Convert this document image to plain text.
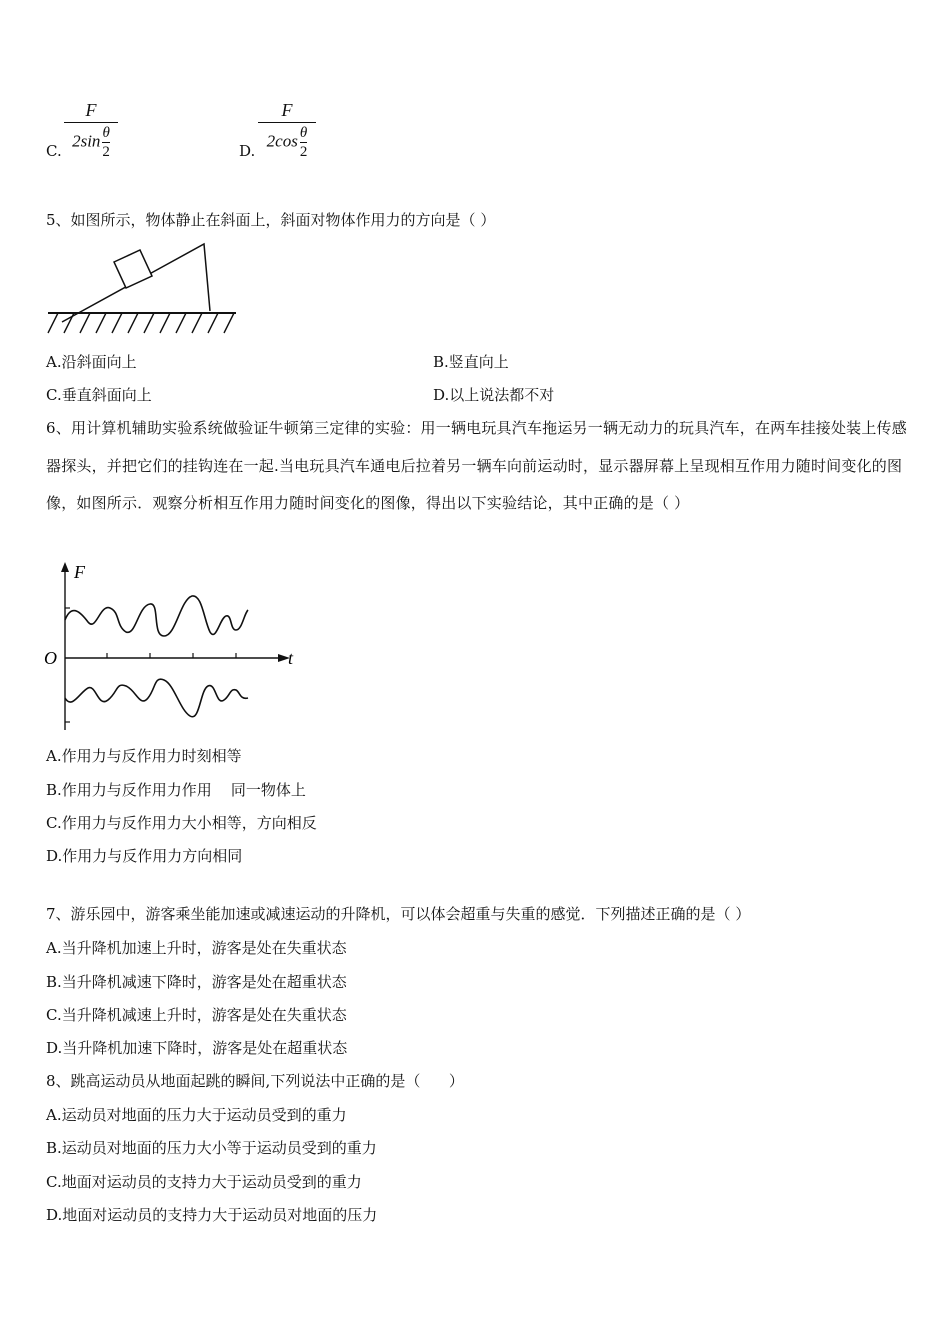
C.
F
$2\sin \frac{\theta}{2}$	D.
F
$2\cos \frac{\theta}{2}$
5、如图所示，物体静止在斜面上，斜面对物体作用力的方向是（ ）
A.沿斜面向上	B.竖直向上
C.垂直斜面向上	D.以上说法都不对
6、用计算机辅助实验系统做验证牛顿第三定律的实验：用一辆电玩具汽车拖运另一辆无动力的玩具汽车，在两车挂接处装上传感器探头，并把它们的挂钩连在一起.当电玩具汽车通电后拉着另一辆车向前运动时，显示器屏幕上呈现相互作用力随时间变化的图像，如图所示．观察分析相互作用力随时间变化的图像，得出以下实验结论，其中正确的是（ ）
F
t
O
A.作用力与反作用力时刻相等
B.作用力与反作用力作用    同一物体上
C.作用力与反作用力大小相等，方向相反
D.作用力与反作用力方向相同
7、游乐园中，游客乘坐能加速或减速运动的升降机，可以体会超重与失重的感觉．下列描述正确的是（ ）
A.当升降机加速上升时，游客是处在失重状态
B.当升降机减速下降时，游客是处在超重状态
C.当升降机减速上升时，游客是处在失重状态
D.当升降机加速下降时，游客是处在超重状态
8、跳高运动员从地面起跳的瞬间,下列说法中正确的是（      ）
A.运动员对地面的压力大于运动员受到的重力
B.运动员对地面的压力大小等于运动员受到的重力
C.地面对运动员的支持力大于运动员受到的重力
D.地面对运动员的支持力大于运动员对地面的压力
